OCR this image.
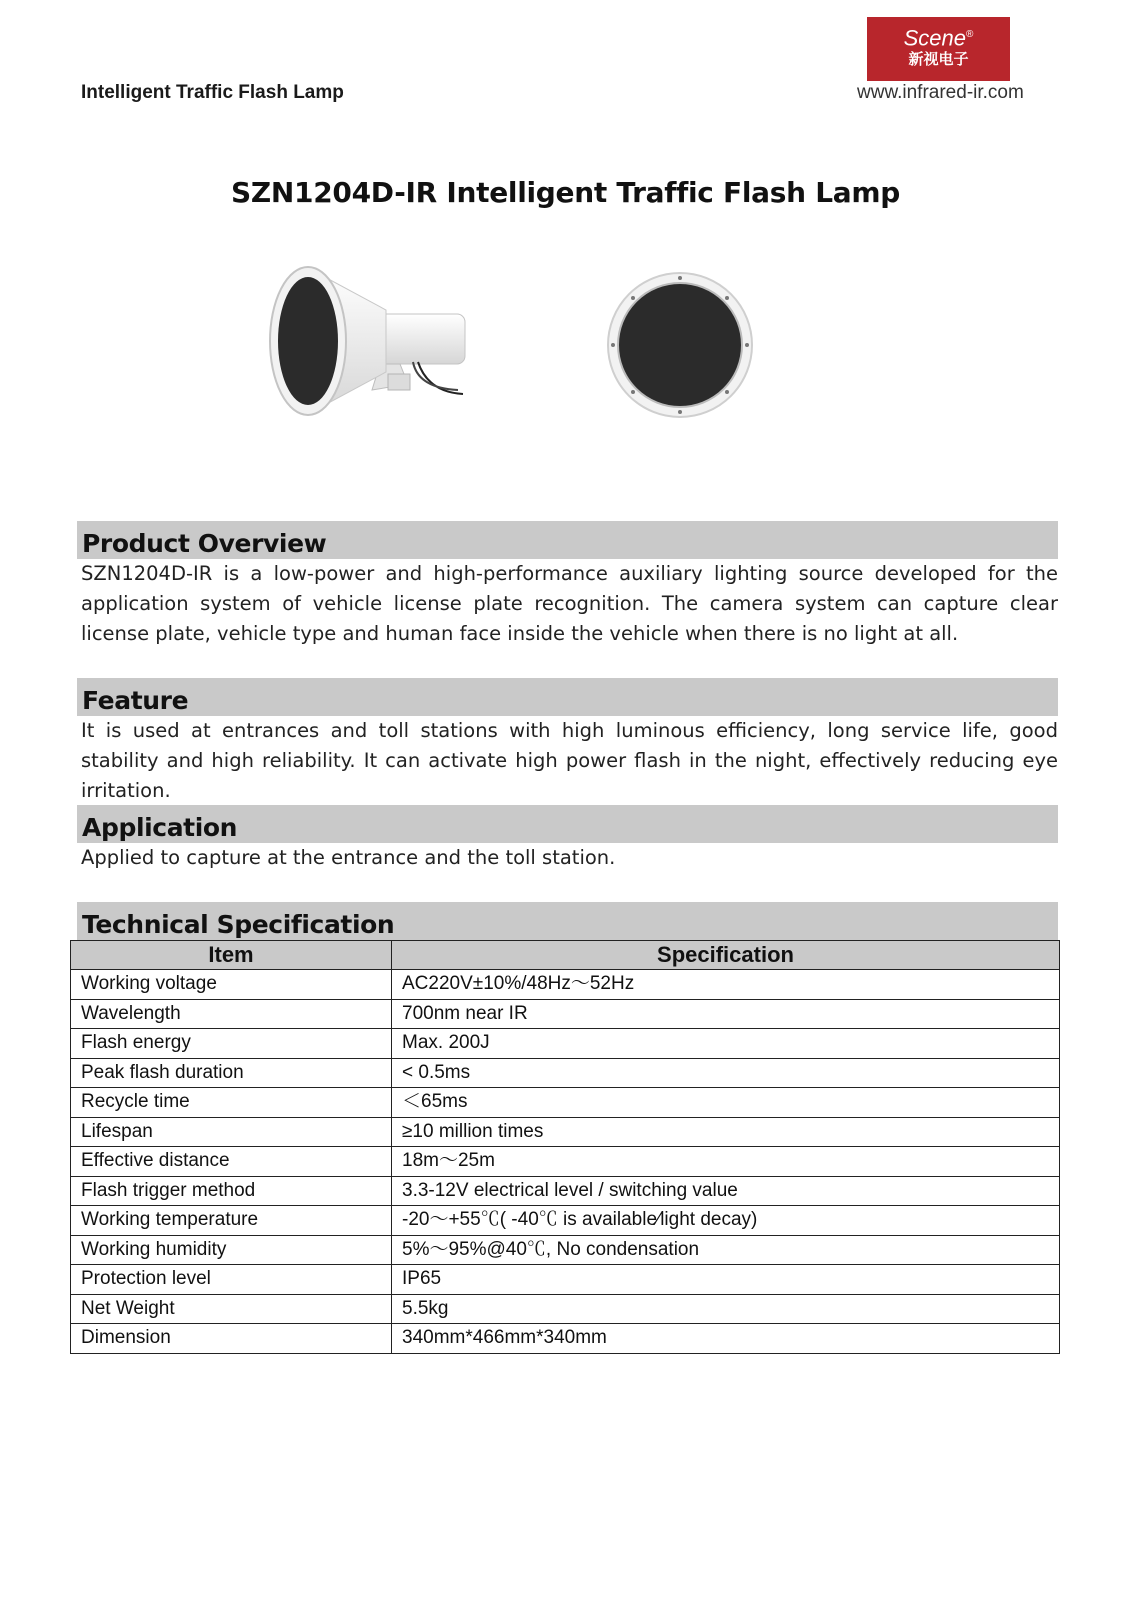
Intelligent Traffic Flash Lamp
Scene®
新视电子
www.infrared-ir.com
SZN1204D-IR Intelligent Traffic Flash Lamp
Product Overview
SZN1204D-IR is a low-power and high-performance auxiliary lighting source developed for the application system of vehicle license plate recognition. The camera system can capture clear license plate, vehicle type and human face inside the vehicle when there is no light at all.
Feature
It is used at entrances and toll stations with high luminous efficiency, long service life, good stability and high reliability. It can activate high power flash in the night, effectively reducing eye irritation.
Application
Applied to capture at the entrance and the toll station.
Technical Specification
Item	Specification
Working voltage	AC220V±10%/48Hz～52Hz
Wavelength	700nm near IR
Flash energy	Max. 200J
Peak flash duration	< 0.5ms
Recycle time	＜65ms
Lifespan	≥10 million times
Effective distance	18m～25m
Flash trigger method	3.3-12V electrical level / switching value
Working temperature	-20～+55℃( -40℃ is available∕light decay)
Working humidity	5%～95%@40℃, No condensation
Protection level	IP65
Net Weight	5.5kg
Dimension	340mm*466mm*340mm
